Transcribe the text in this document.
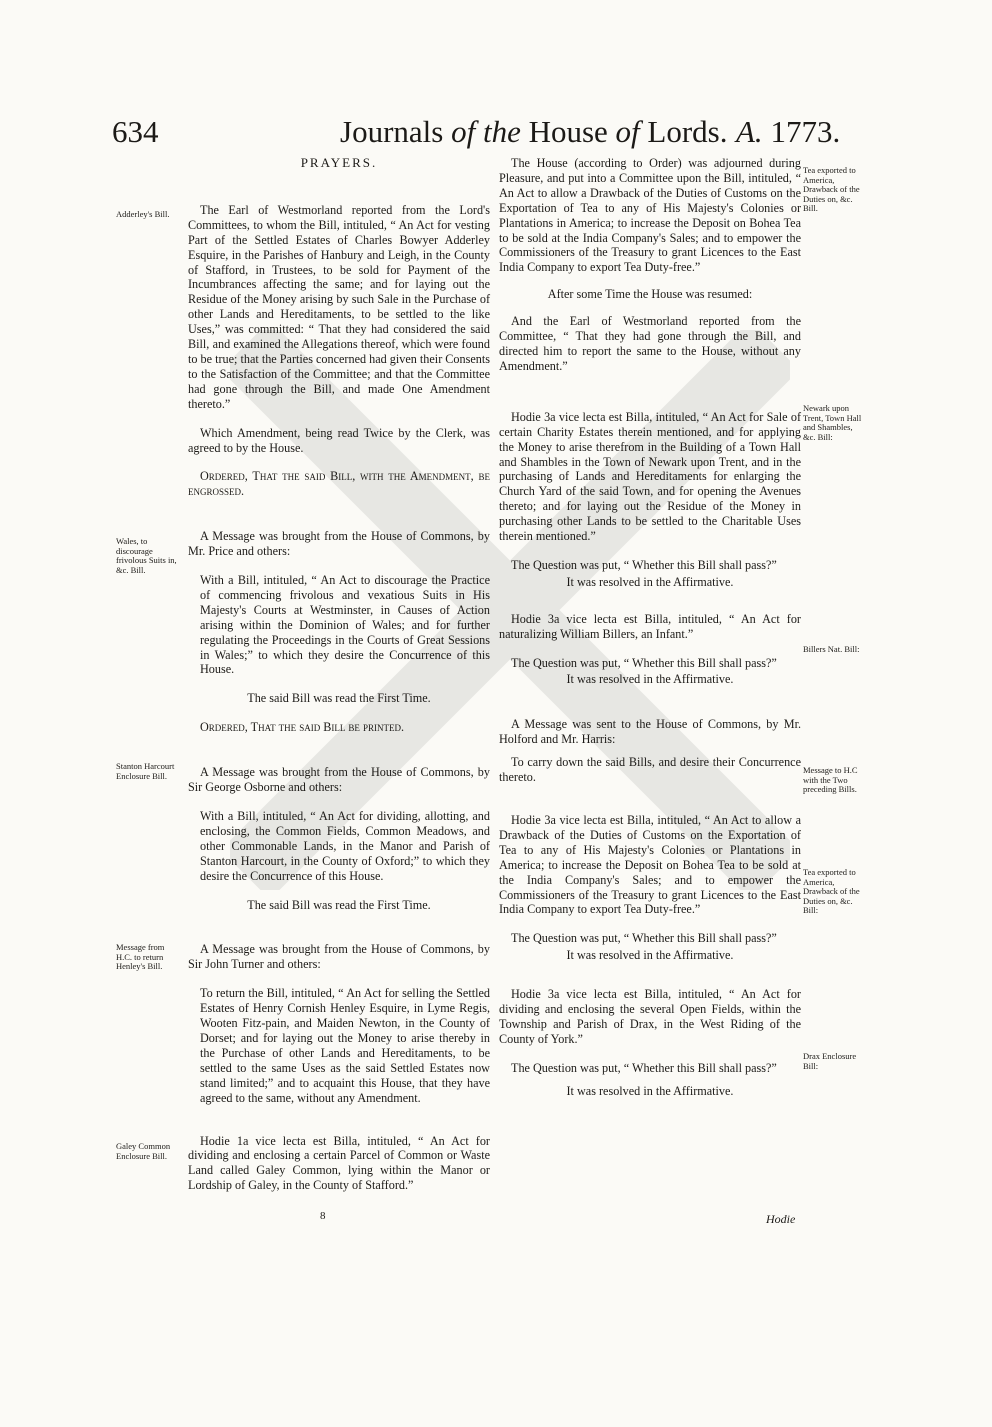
634	Journals of the House of Lords. A. 1773.

PRAYERS.

The Earl of Westmorland reported from the Lord's Committees, to whom the Bill, intituled, “ An Act for vesting Part of the Settled Estates of Charles Bowyer Adderley Esquire, in the Parishes of Hanbury and Leigh, in the County of Stafford, in Trustees, to be sold for Payment of the Incumbrances affecting the same; and for laying out the Residue of the Money arising by such Sale in the Purchase of other Lands and Hereditaments, to be settled to the like Uses,” was committed: “ That they had considered the said Bill, and examined the Allegations thereof, which were found to be true; that the Parties concerned had given their Consents to the Satisfaction of the Committee; and that the Committee had gone through the Bill, and made One Amendment thereto.”

Which Amendment, being read Twice by the Clerk, was agreed to by the House.

Ordered, That the said Bill, with the Amendment, be engrossed.

A Message was brought from the House of Commons, by Mr. Price and others:

With a Bill, intituled, “ An Act to discourage the Practice of commencing frivolous and vexatious Suits in His Majesty's Courts at Westminster, in Causes of Action arising within the Dominion of Wales; and for further regulating the Proceedings in the Courts of Great Sessions in Wales;” to which they desire the Concurrence of this House.

The said Bill was read the First Time.

Ordered, That the said Bill be printed.

A Message was brought from the House of Commons, by Sir George Osborne and others:

With a Bill, intituled, “ An Act for dividing, allotting, and enclosing, the Common Fields, Common Meadows, and other Commonable Lands, in the Manor and Parish of Stanton Harcourt, in the County of Oxford;” to which they desire the Concurrence of this House.

The said Bill was read the First Time.

A Message was brought from the House of Commons, by Sir John Turner and others:

To return the Bill, intituled, “ An Act for selling the Settled Estates of Henry Cornish Henley Esquire, in Lyme Regis, Wooten Fitz-pain, and Maiden Newton, in the County of Dorset; and for laying out the Money to arise thereby in the Purchase of other Lands and Hereditaments, to be settled to the same Uses as the said Settled Estates now stand limited;” and to acquaint this House, that they have agreed to the same, without any Amendment.

Hodie 1a vice lecta est Billa, intituled, “ An Act for dividing and enclosing a certain Parcel of Common or Waste Land called Galey Common, lying within the Manor or Lordship of Galey, in the County of Stafford.”

The House (according to Order) was adjourned during Pleasure, and put into a Committee upon the Bill, intituled, “ An Act to allow a Drawback of the Duties of Customs on the Exportation of Tea to any of His Majesty's Colonies or Plantations in America; to increase the Deposit on Bohea Tea to be sold at the India Company's Sales; and to empower the Commissioners of the Treasury to grant Licences to the East India Company to export Tea Duty-free.”

After some Time the House was resumed:

And the Earl of Westmorland reported from the Committee, “ That they had gone through the Bill, and directed him to report the same to the House, without any Amendment.”

Hodie 3a vice lecta est Billa, intituled, “ An Act for Sale of certain Charity Estates therein mentioned, and for applying the Money to arise therefrom in the Building of a Town Hall and Shambles in the Town of Newark upon Trent, and in the purchasing of Lands and Hereditaments for enlarging the Church Yard of the said Town, and for opening the Avenues thereto; and for laying out the Residue of the Money in purchasing other Lands to be settled to the Charitable Uses therein mentioned.”

The Question was put, “ Whether this Bill shall pass?”

It was resolved in the Affirmative.

Hodie 3a vice lecta est Billa, intituled, “ An Act for naturalizing William Billers, an Infant.”

The Question was put, “ Whether this Bill shall pass?”

It was resolved in the Affirmative.

A Message was sent to the House of Commons, by Mr. Holford and Mr. Harris:

To carry down the said Bills, and desire their Concurrence thereto.

Hodie 3a vice lecta est Billa, intituled, “ An Act to allow a Drawback of the Duties of Customs on the Exportation of Tea to any of His Majesty's Colonies or Plantations in America; to increase the Deposit on Bohea Tea to be sold at the India Company's Sales; and to empower the Commissioners of the Treasury to grant Licences to the East India Company to export Tea Duty-free.”

The Question was put, “ Whether this Bill shall pass?”

It was resolved in the Affirmative.

Hodie 3a vice lecta est Billa, intituled, “ An Act for dividing and enclosing the several Open Fields, within the Township and Parish of Drax, in the West Riding of the County of York.”

The Question was put, “ Whether this Bill shall pass?”

It was resolved in the Affirmative.

Adderley's Bill.
Wales, to discourage frivolous Suits in, &c. Bill.
Stanton Harcourt Enclosure Bill.
Message from H.C. to return Henley's Bill.
Galey Common Enclosure Bill.
Tea exported to America, Drawback of the Duties on, &c. Bill.
Newark upon Trent, Town Hall and Shambles, &c. Bill:
Billers Nat. Bill:
Message to H.C with the Two preceding Bills.
Tea exported to America, Drawback of the Duties on, &c. Bill:
Drax Enclosure Bill:
8	Hodie
